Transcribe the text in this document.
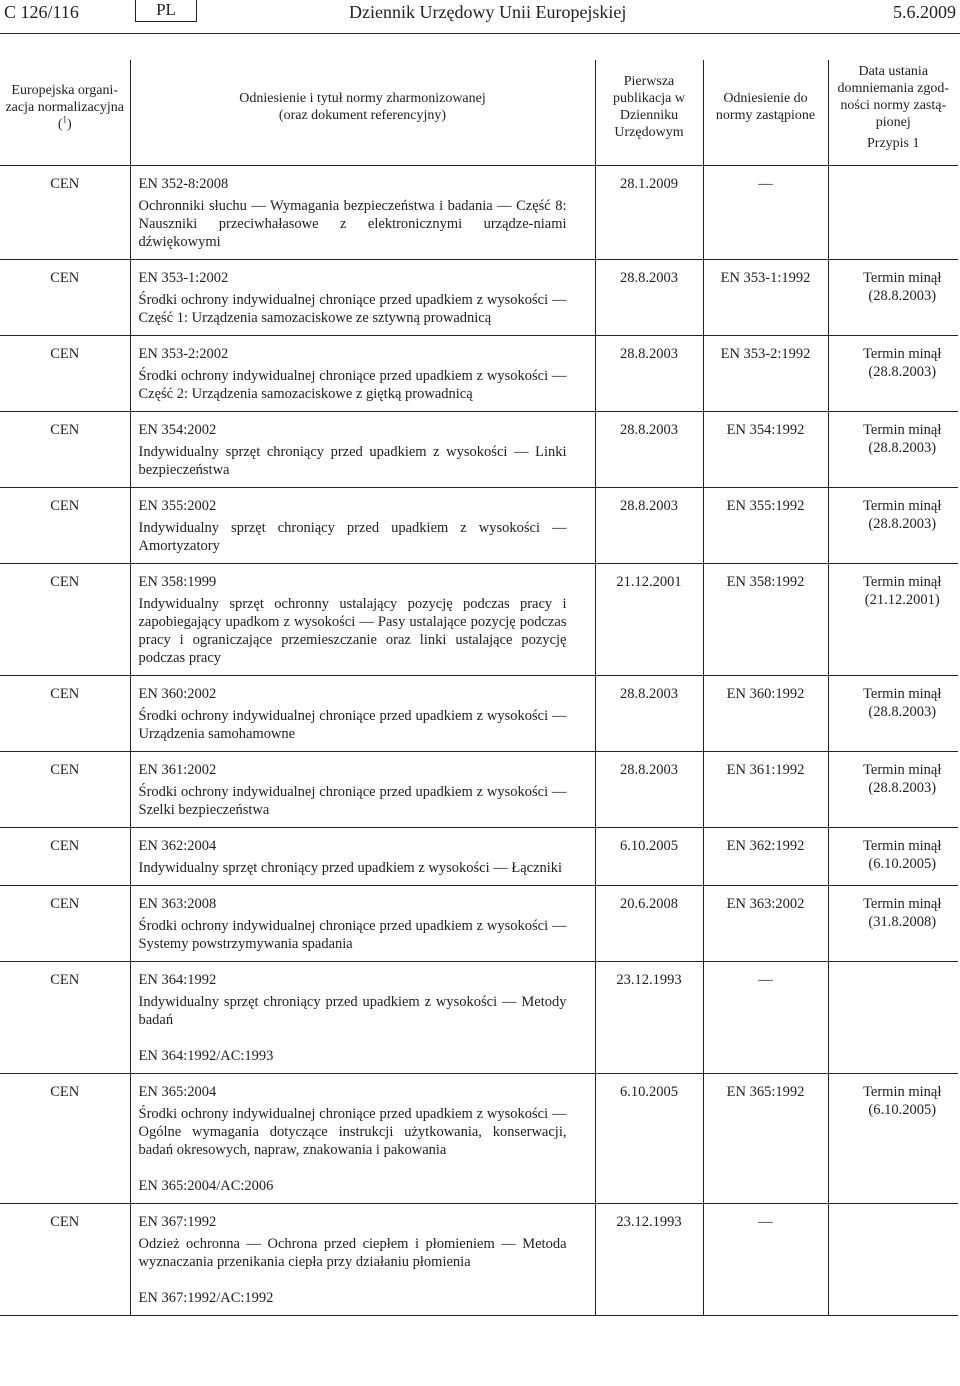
C 126/116	PL	Dziennik Urzędowy Unii Europejskiej	5.6.2009
Europejska organi-zacja normalizacyjna ($^1$)	Odniesienie i tytuł normy zharmonizowanej
(oraz dokument referencyjny)	Pierwsza publikacja w Dzienniku Urzędowym	Odniesienie do normy zastąpione	Data ustania domniemania zgod-ności normy zastą-pionej
Przypis 1

CEN	EN 352-8:2008
Ochronniki słuchu — Wymagania bezpieczeństwa i badania — Część 8: Nauszniki przeciwhałasowe z elektronicznymi urządze-niami dźwiękowymi	28.1.2009	—	

CEN	EN 353-1:2002
Środki ochrony indywidualnej chroniące przed upadkiem z wysokości — Część 1: Urządzenia samozaciskowe ze sztywną prowadnicą	28.8.2003	EN 353-1:1992	Termin minął
(28.8.2003)

CEN	EN 353-2:2002
Środki ochrony indywidualnej chroniące przed upadkiem z wysokości — Część 2: Urządzenia samozaciskowe z giętką prowadnicą	28.8.2003	EN 353-2:1992	Termin minął
(28.8.2003)

CEN	EN 354:2002
Indywidualny sprzęt chroniący przed upadkiem z wysokości — Linki bezpieczeństwa	28.8.2003	EN 354:1992	Termin minął
(28.8.2003)

CEN	EN 355:2002
Indywidualny sprzęt chroniący przed upadkiem z wysokości — Amortyzatory	28.8.2003	EN 355:1992	Termin minął
(28.8.2003)

CEN	EN 358:1999
Indywidualny sprzęt ochronny ustalający pozycję podczas pracy i zapobiegający upadkom z wysokości — Pasy ustalające pozycję podczas pracy i ograniczające przemieszczanie oraz linki ustalające pozycję podczas pracy	21.12.2001	EN 358:1992	Termin minął
(21.12.2001)

CEN	EN 360:2002
Środki ochrony indywidualnej chroniące przed upadkiem z wysokości — Urządzenia samohamowne	28.8.2003	EN 360:1992	Termin minął
(28.8.2003)

CEN	EN 361:2002
Środki ochrony indywidualnej chroniące przed upadkiem z wysokości — Szelki bezpieczeństwa	28.8.2003	EN 361:1992	Termin minął
(28.8.2003)

CEN	EN 362:2004
Indywidualny sprzęt chroniący przed upadkiem z wysokości — Łączniki	6.10.2005	EN 362:1992	Termin minął
(6.10.2005)

CEN	EN 363:2008
Środki ochrony indywidualnej chroniące przed upadkiem z wysokości — Systemy powstrzymywania spadania	20.6.2008	EN 363:2002	Termin minął
(31.8.2008)

CEN	EN 364:1992
Indywidualny sprzęt chroniący przed upadkiem z wysokości — Metody badań	23.12.1993	—	

	EN 364:1992/AC:1993			
CEN	EN 365:2004
Środki ochrony indywidualnej chroniące przed upadkiem z wysokości — Ogólne wymagania dotyczące instrukcji użytkowania, konserwacji, badań okresowych, napraw, znakowania i pakowania	6.10.2005	EN 365:1992	Termin minął
(6.10.2005)

	EN 365:2004/AC:2006			
CEN	EN 367:1992
Odzież ochronna — Ochrona przed ciepłem i płomieniem — Metoda wyznaczania przenikania ciepła przy działaniu płomienia	23.12.1993	—	

	EN 367:1992/AC:1992			
